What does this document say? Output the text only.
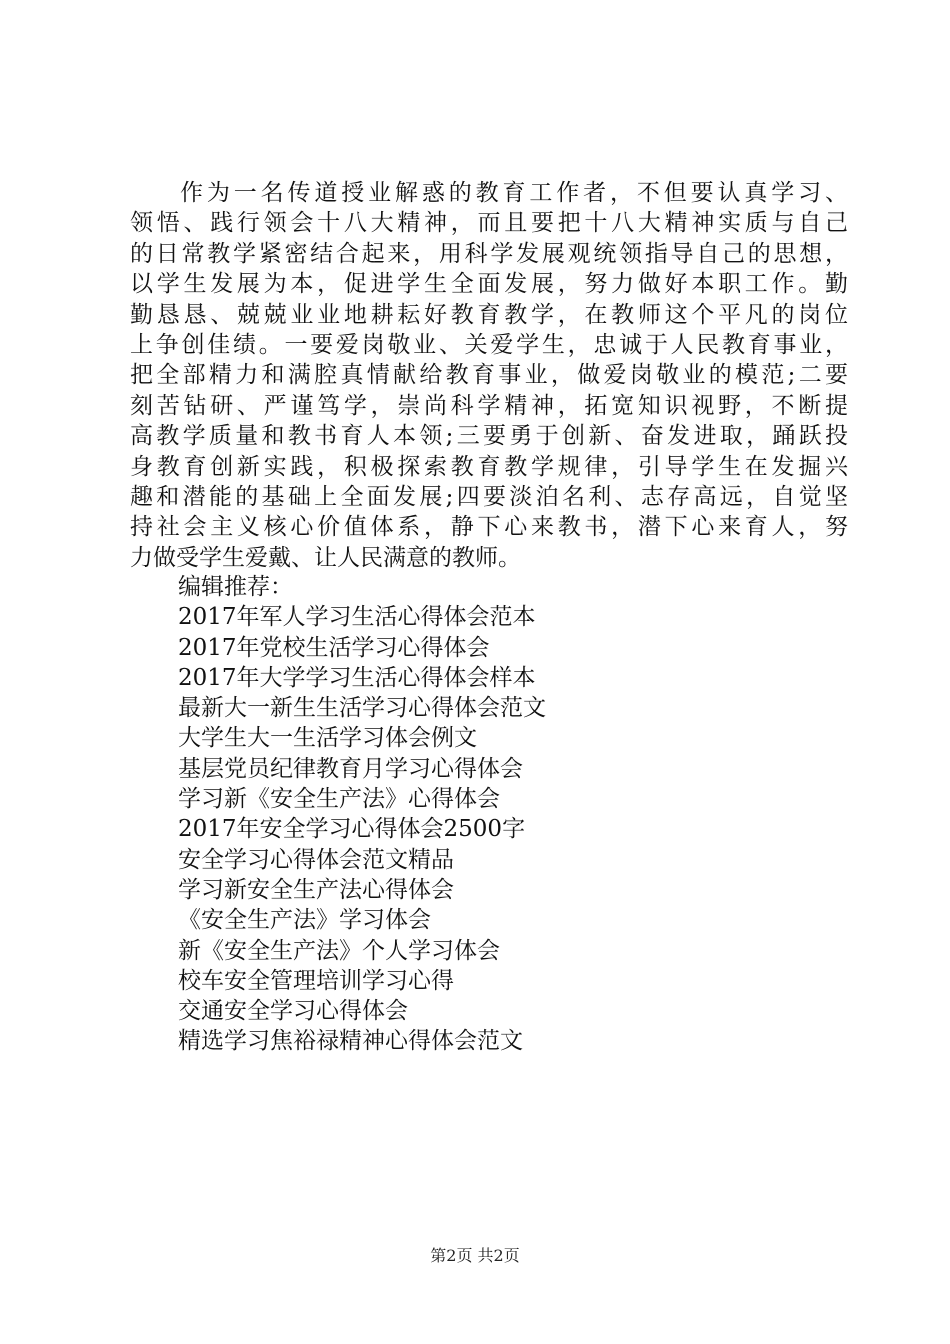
作为一名传道授业解惑的教育工作者，不但要认真学习、
领悟、践行领会十八大精神，而且要把十八大精神实质与自己
的日常教学紧密结合起来，用科学发展观统领指导自己的思想，
以学生发展为本，促进学生全面发展，努力做好本职工作。勤
勤恳恳、兢兢业业地耕耘好教育教学，在教师这个平凡的岗位
上争创佳绩。一要爱岗敬业、关爱学生，忠诚于人民教育事业，
把全部精力和满腔真情献给教育事业，做爱岗敬业的模范;二要
刻苦钻研、严谨笃学，崇尚科学精神，拓宽知识视野，不断提
高教学质量和教书育人本领;三要勇于创新、奋发进取，踊跃投
身教育创新实践，积极探索教育教学规律，引导学生在发掘兴
趣和潜能的基础上全面发展;四要淡泊名利、志存高远，自觉坚
持社会主义核心价值体系，静下心来教书，潜下心来育人，努
力做受学生爱戴、让人民满意的教师。
编辑推荐：
2017年军人学习生活心得体会范本
2017年党校生活学习心得体会
2017年大学学习生活心得体会样本
最新大一新生生活学习心得体会范文
大学生大一生活学习体会例文
基层党员纪律教育月学习心得体会
学习新《安全生产法》心得体会
2017年安全学习心得体会2500字
安全学习心得体会范文精品
学习新安全生产法心得体会
《安全生产法》学习体会
新《安全生产法》个人学习体会
校车安全管理培训学习心得
交通安全学习心得体会
精选学习焦裕禄精神心得体会范文
第2页 共2页
